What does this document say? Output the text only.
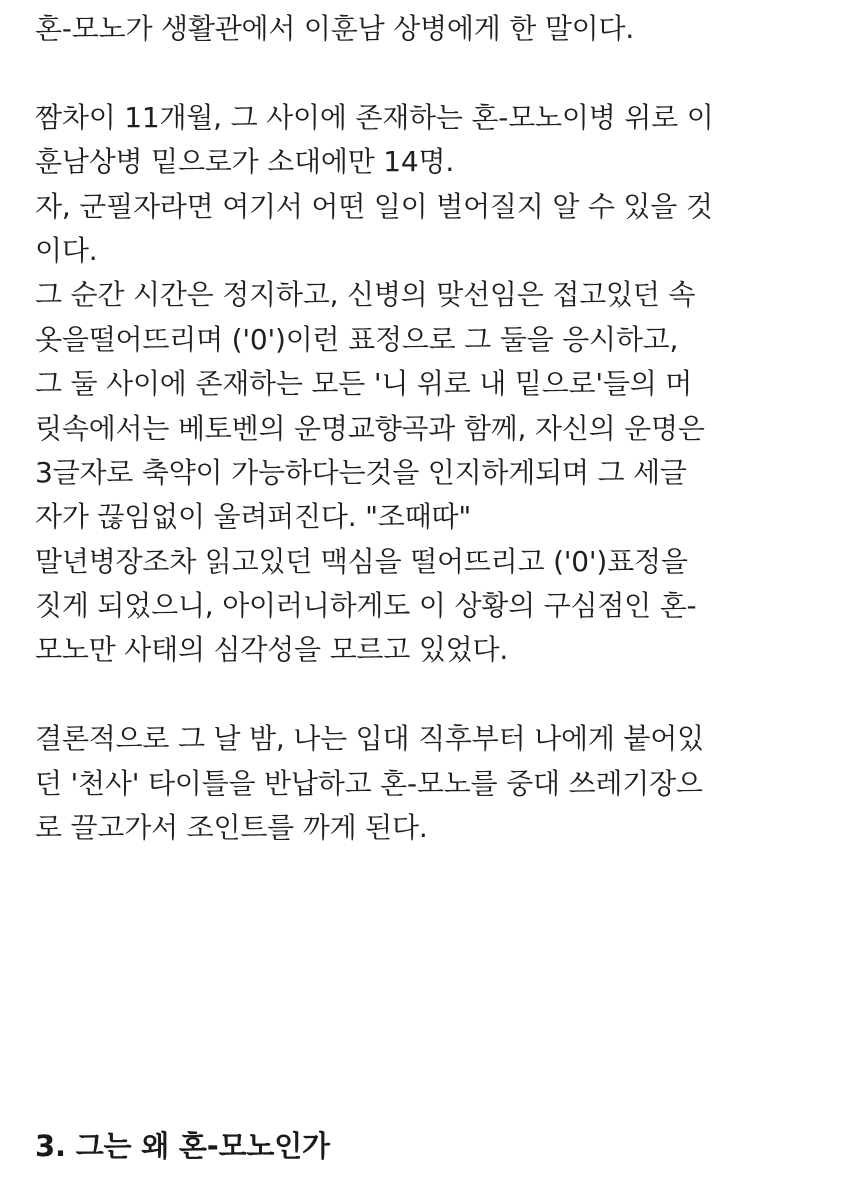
혼-모노가 생활관에서 이훈남 상병에게 한 말이다.
짬차이 11개월, 그 사이에 존재하는 혼-모노이병 위로 이
훈남상병 밑으로가 소대에만 14명.
자, 군필자라면 여기서 어떤 일이 벌어질지 알 수 있을 것
이다.
그 순간 시간은 정지하고, 신병의 맞선임은 접고있던 속
옷을떨어뜨리며 ('0')이런 표정으로 그 둘을 응시하고,
그 둘 사이에 존재하는 모든 '니 위로 내 밑으로'들의 머
릿속에서는 베토벤의 운명교향곡과 함께, 자신의 운명은
3글자로 축약이 가능하다는것을 인지하게되며 그 세글
자가 끊임없이 울려퍼진다. "조때따"
말년병장조차 읽고있던 맥심을 떨어뜨리고 ('0')표정을
짓게 되었으니, 아이러니하게도 이 상황의 구심점인 혼-
모노만 사태의 심각성을 모르고 있었다.
결론적으로 그 날 밤, 나는 입대 직후부터 나에게 붙어있
던 '천사' 타이틀을 반납하고 혼-모노를 중대 쓰레기장으
로 끌고가서 조인트를 까게 된다.
3. 그는 왜 혼-모노인가
